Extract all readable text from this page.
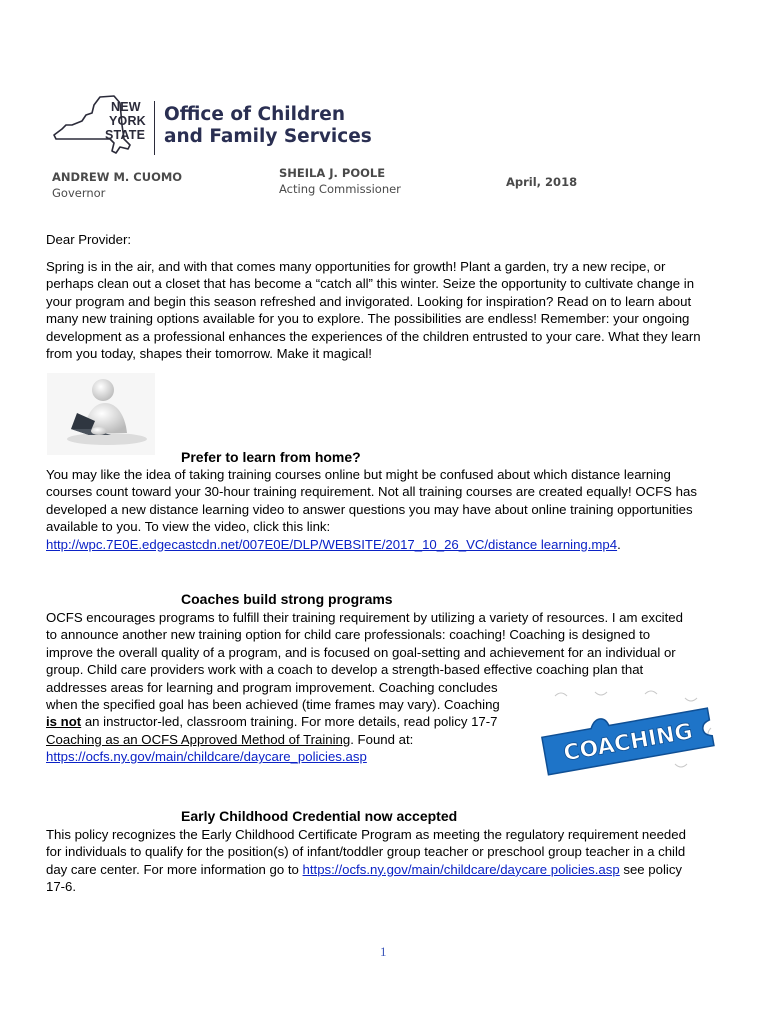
NEW
YORK
STATE
Office of Children
and Family Services
ANDREW M. CUOMO
Governor
SHEILA J. POOLE
Acting Commissioner	April, 2018
Dear Provider:
Spring is in the air, and with that comes many opportunities for growth! Plant a garden, try a new recipe, or
perhaps clean out a closet that has become a “catch all” this winter. Seize the opportunity to cultivate change in
your program and begin this season refreshed and invigorated. Looking for inspiration? Read on to learn about
many new training options available for you to explore. The possibilities are endless! Remember: your ongoing
development as a professional enhances the experiences of the children entrusted to your care. What they learn
from you today, shapes their tomorrow. Make it magical!
Prefer to learn from home?
You may like the idea of taking training courses online but might be confused about which distance learning
courses count toward your 30-hour training requirement. Not all training courses are created equally! OCFS has
developed a new distance learning video to answer questions you may have about online training opportunities
available to you. To view the video, click this link:
http://wpc.7E0E.edgecastcdn.net/007E0E/DLP/WEBSITE/2017_10_26_VC/distance learning.mp4.
Coaches build strong programs
OCFS encourages programs to fulfill their training requirement by utilizing a variety of resources. I am excited
to announce another new training option for child care professionals: coaching! Coaching is designed to
improve the overall quality of a program, and is focused on goal-setting and achievement for an individual or
group. Child care providers work with a coach to develop a strength-based effective coaching plan that
addresses areas for learning and program improvement. Coaching concludes
when the specified goal has been achieved (time frames may vary). Coaching
is not an instructor-led, classroom training. For more details, read policy 17-7
Coaching as an OCFS Approved Method of Training. Found at:
https://ocfs.ny.gov/main/childcare/daycare_policies.asp	COACHING
Early Childhood Credential now accepted
This policy recognizes the Early Childhood Certificate Program as meeting the regulatory requirement needed
for individuals to qualify for the position(s) of infant/toddler group teacher or preschool group teacher in a child
day care center. For more information go to https://ocfs.ny.gov/main/childcare/daycare policies.asp see policy
17-6.
1
